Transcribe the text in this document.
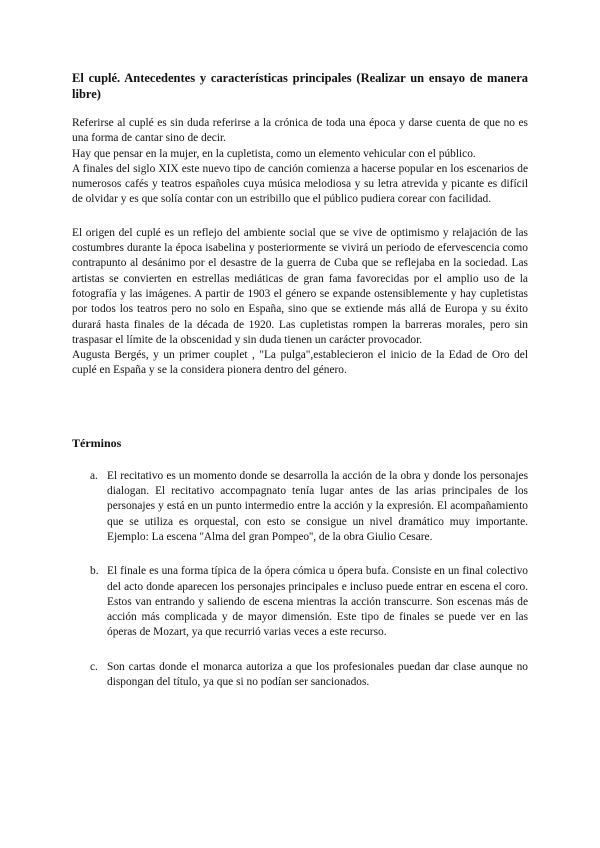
El cuplé. Antecedentes y características principales (Realizar un ensayo de manera libre)

Referirse al cuplé es sin duda referirse a la crónica de toda una época y darse cuenta de que no es una forma de cantar sino de decir.

Hay que pensar en la mujer, en la cupletista, como un elemento vehicular con el público.

A finales del siglo XIX este nuevo tipo de canción comienza a hacerse popular en los escenarios de numerosos cafés y teatros españoles cuya música melodiosa y su letra atrevida y picante es difícil de olvidar y es que solía contar con un estribillo que el público pudiera corear con facilidad.

El origen del cuplé es un reflejo del ambiente social que se vive de optimismo y relajación de las costumbres durante la época isabelina y posteriormente se vivirá un periodo de efervescencia como contrapunto al desánimo por el desastre de la guerra de Cuba que se reflejaba en la sociedad. Las artistas se convierten en estrellas mediáticas de gran fama favorecidas por el amplio uso de la fotografía y las imágenes. A partir de 1903 el género se expande ostensiblemente y hay cupletistas por todos los teatros pero no solo en España, sino que se extiende más allá de Europa y su éxito durará hasta finales de la década de 1920. Las cupletistas rompen la barreras morales, pero sin traspasar el límite de la obscenidad y sin duda tienen un carácter provocador.

Augusta Bergés, y un primer couplet , "La pulga",establecieron el inicio de la Edad de Oro del cuplé en España y se la considera pionera dentro del género.

Términos
a. El recitativo es un momento donde se desarrolla la acción de la obra y donde los personajes dialogan. El recitativo accompagnato tenía lugar antes de las arias principales de los personajes y está en un punto intermedio entre la acción y la expresión. El acompañamiento que se utiliza es orquestal, con esto se consigue un nivel dramático muy importante. Ejemplo: La escena ''Alma del gran Pompeo'', de la obra Giulio Cesare.

b. El finale es una forma típica de la ópera cómica u ópera bufa. Consiste en un final colectivo del acto donde aparecen los personajes principales e incluso puede entrar en escena el coro. Estos van entrando y saliendo de escena mientras la acción transcurre. Son escenas más de acción más complicada y de mayor dimensión. Este tipo de finales se puede ver en las óperas de Mozart, ya que recurrió varias veces a este recurso.

c. Son cartas donde el monarca autoriza a que los profesionales puedan dar clase aunque no dispongan del título, ya que si no podían ser sancionados.
